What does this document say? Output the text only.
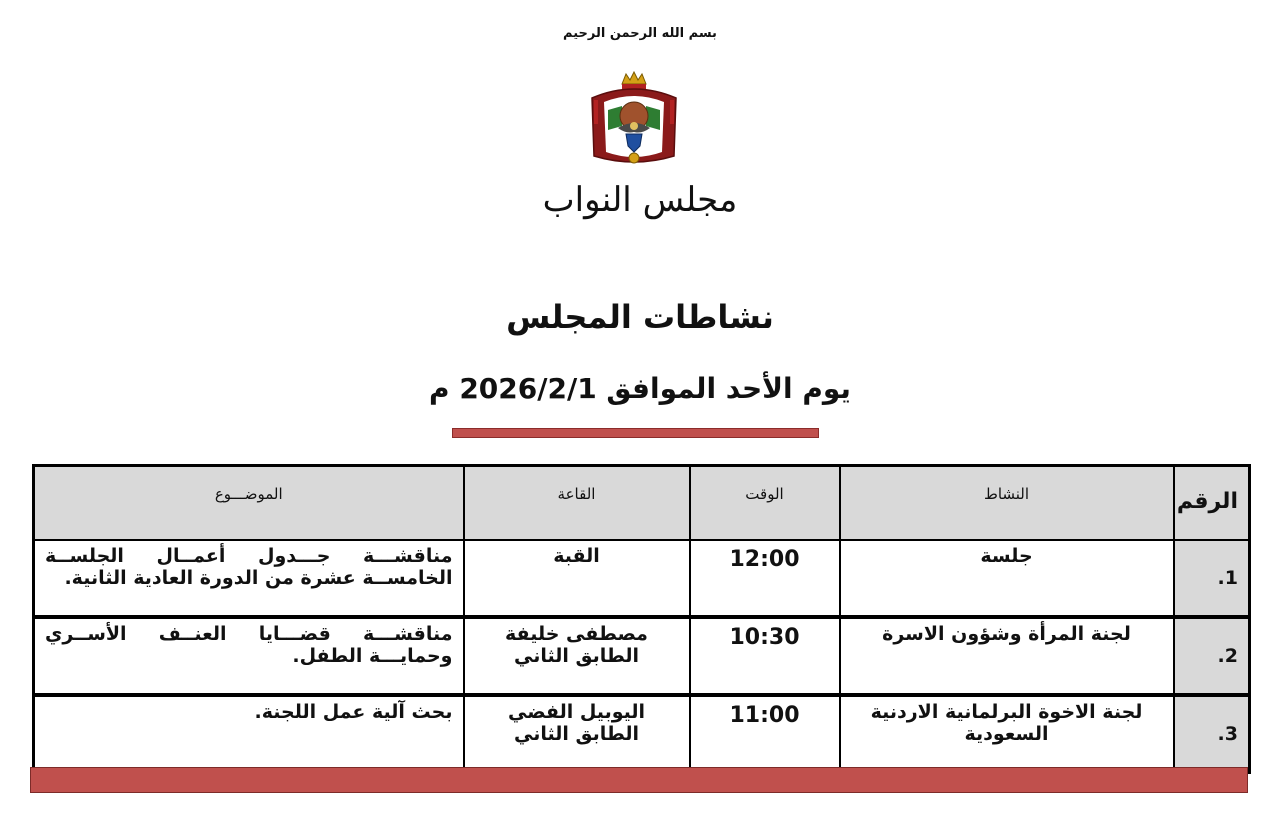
بسم الله الرحمن الرحيم
مجلس النواب
نشاطات المجلس
يوم الأحد الموافق 2026/2/1 م
الرقم	النشاط	الوقت	القاعة	الموضـــوع
1.	جلسة	12:00	القبة	مناقشـــة جـــدول أعمــال الجلســة الخامســة عشرة من الدورة العادية الثانية.
2.	لجنة المرأة وشؤون الاسرة	10:30	مصطفى خليفة الطابق الثاني	مناقشـــة قضـــايا العنــف الأســري وحمايـــة الطفل.
3.	لجنة الاخوة البرلمانية الاردنية السعودية	11:00	اليوبيل الفضي الطابق الثاني	بحث آلية عمل اللجنة.
